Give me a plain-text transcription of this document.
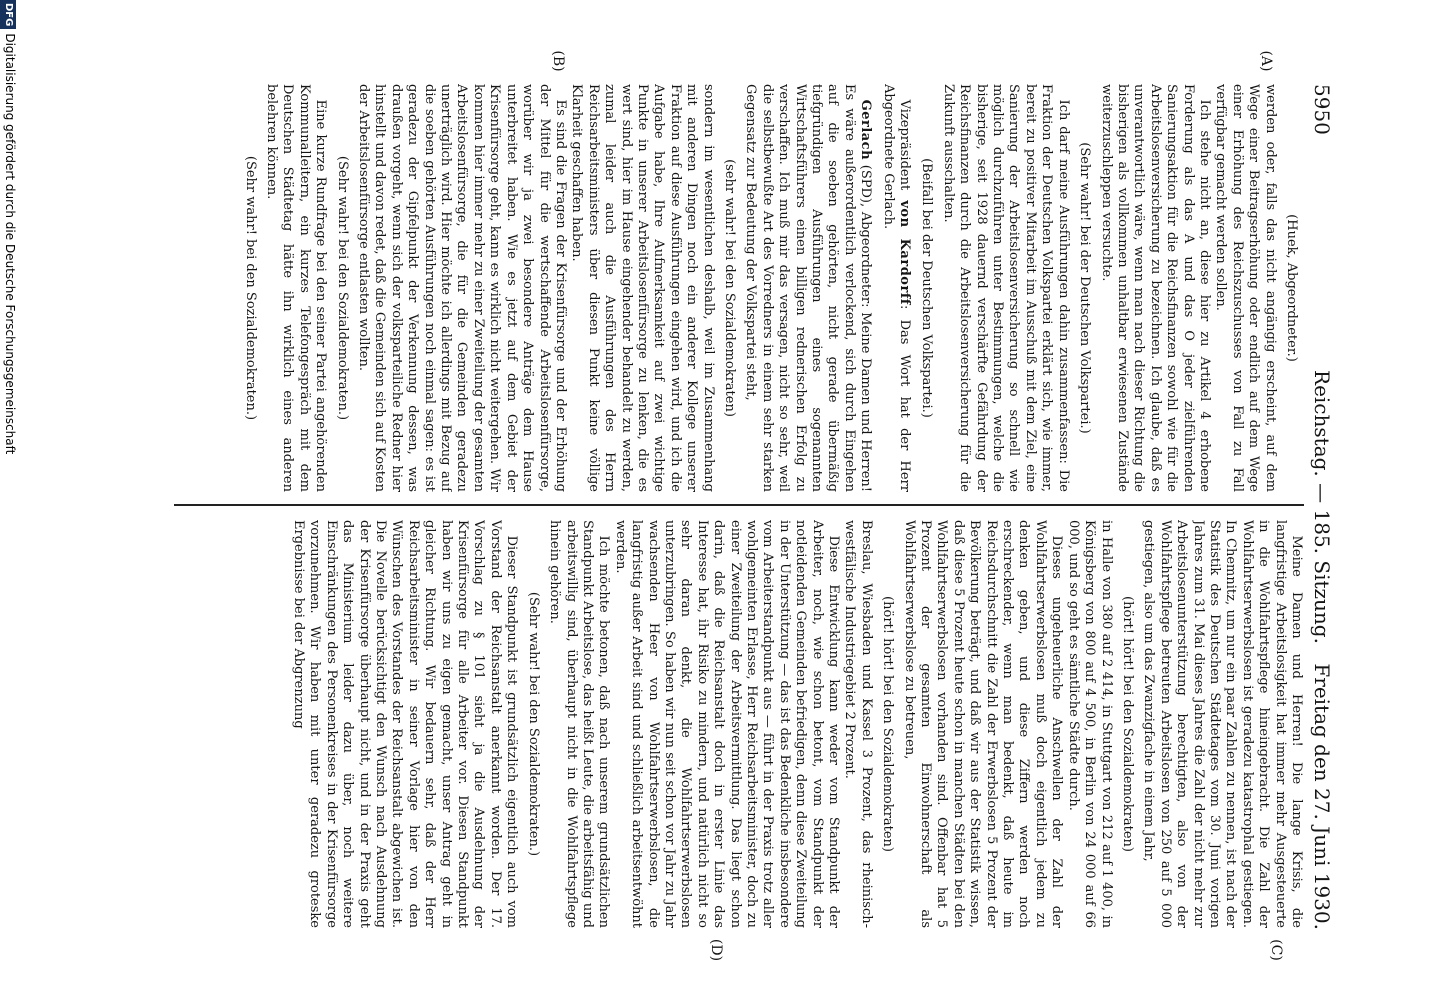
5950
Reichstag. — 185. Sitzung.
Freitag den 27. Juni 1930.
(A)
(B)
(C)
(D)

(Huek, Abgeordneter.)

werden oder, falls das nicht angängig erscheint, auf dem Wege einer Beitragserhöhung oder endlich auf dem Wege einer Erhöhung des Reichszuschusses von Fall zu Fall verfügbar gemacht werden sollen.

Ich stehe nicht an, diese hier zu Artikel 4 erhobene Forderung als das A und das O jeder zielführenden Sanierungsaktion für die Reichsfinanzen sowohl wie für die Arbeitslosenversicherung zu bezeichnen. Ich glaube, daß es unverantwortlich wäre, wenn man nach dieser Richtung die bisherigen als vollkommen unhaltbar erwiesenen Zustände weiterzuschleppen versuchte.

(Sehr wahr! bei der Deutschen Volkspartei.)

Ich darf meine Ausführungen dahin zusammenfassen: Die Fraktion der Deutschen Volkspartei erklärt sich, wie immer, bereit zu positiver Mitarbeit im Ausschuß mit dem Ziel, eine Sanierung der Arbeitslosenversicherung so schnell wie möglich durchzuführen unter Bestimmungen, welche die bisherige, seit 1928 dauernd verschärfte Gefährdung der Reichsfinanzen durch die Arbeitslosenversicherung für die Zukunft ausschalten.

(Beifall bei der Deutschen Volkspartei.)

Vizepräsident von Kardorff: Das Wort hat der Herr Abgeordnete Gerlach.

Gerlach (SPD), Abgeordneter: Meine Damen und Herren! Es wäre außerordentlich verlockend, sich durch Eingehen auf die soeben gehörten, nicht gerade übermäßig tiefgründigen Ausführungen eines sogenannten Wirtschaftsführers einen billigen rednerischen Erfolg zu verschaffen. Ich muß mir das versagen, nicht so sehr, weil die selbstbewußte Art des Vorredners in einem sehr starken Gegensatz zur Bedeutung der Volkspartei steht,

(sehr wahr! bei den Sozialdemokraten)

sondern im wesentlichen deshalb, weil im Zusammenhang mit anderen Dingen noch ein anderer Kollege unserer Fraktion auf diese Ausführungen eingehen wird, und ich die Aufgabe habe, Ihre Aufmerksamkeit auf zwei wichtige Punkte in unserer Arbeitslosenfürsorge zu lenken, die es wert sind, hier im Hause eingehender behandelt zu werden, zumal leider auch die Ausführungen des Herrn Reichsarbeitsministers über diesen Punkt keine völlige Klarheit geschaffen haben.

Es sind die Fragen der Krisenfürsorge und der Erhöhung der Mittel für die wertschaffende Arbeitslosenfürsorge, worüber wir ja zwei besondere Anträge dem Hause unterbreitet haben. Wie es jetzt auf dem Gebiet der Krisenfürsorge geht, kann es wirklich nicht weitergehen. Wir kommen hier immer mehr zu einer Zweiteilung der gesamten Arbeitslosenfürsorge, die für die Gemeinden geradezu unerträglich wird. Hier möchte ich allerdings mit Bezug auf die soeben gehörten Ausführungen noch einmal sagen: es ist geradezu der Gipfelpunkt der Verkennung dessen, was draußen vorgeht, wenn sich der volksparteiliche Redner hier hinstellt und davon redet, daß die Gemeinden sich auf Kosten der Arbeitslosenfürsorge entlasten wollten.

(Sehr wahr! bei den Sozialdemokraten.)

Eine kurze Rundfrage bei den seiner Partei angehörenden Kommunalleitern, ein kurzes Telefongespräch mit dem Deutschen Städtetag hätte ihn wirklich eines anderen belehren können.

(Sehr wahr! bei den Sozialdemokraten.)

Meine Damen und Herren! Die lange Krisis, die langfristige Arbeitslosigkeit hat immer mehr Ausgesteuerte in die Wohlfahrtspflege hineingebracht. Die Zahl der Wohlfahrtserwerbslosen ist geradezu katastrophal gestiegen. In Chemnitz, um nur ein paar Zahlen zu nennen, ist nach der Statistik des Deutschen Städtetages vom 30. Juni vorigen Jahres zum 31. Mai dieses Jahres die Zahl der nicht mehr zur Arbeitslosenunterstützung berechtigten, also von der Wohlfahrtspflege betreuten Arbeitslosen von 250 auf 5 000 gestiegen, also um das Zwanzigfache in einem Jahr,

(hört! hört! bei den Sozialdemokraten)

in Halle von 380 auf 2 414, in Stuttgart von 212 auf 1 400, in Königsberg von 800 auf 4 500, in Berlin von 24 000 auf 66 000, und so geht es sämtliche Städte durch.

Dieses ungeheuerliche Anschwellen der Zahl der Wohlfahrtserwerbslosen muß doch eigentlich jedem zu denken geben, und diese Ziffern werden noch erschreckender, wenn man bedenkt, daß heute im Reichsdurchschnitt die Zahl der Erwerbslosen 5 Prozent der Bevölkerung beträgt, und daß wir aus der Statistik wissen, daß diese 5 Prozent heute schon in manchen Städten bei den Wohlfahrtserwerbslosen vorhanden sind. Offenbar hat 5 Prozent der gesamten Einwohnerschaft als Wohlfahrtserwerbslose zu betreuen,

(hört! hört! bei den Sozialdemokraten)

Breslau, Wiesbaden und Kassel 3 Prozent, das rheinisch-westfälische Industriegebiet 2 Prozent.

Diese Entwicklung kann weder vom Standpunkt der Arbeiter, noch, wie schon betont, vom Standpunkt der notleidenden Gemeinden befriedigen, denn diese Zweiteilung in der Unterstützung — das ist das Bedenkliche insbesondere vom Arbeiterstandpunkt aus — führt in der Praxis trotz aller wohlgemeinten Erlasse, Herr Reichsarbeitsminister, doch zu einer Zweiteilung der Arbeitsvermittlung. Das liegt schon darin, daß die Reichsanstalt doch in erster Linie das Interesse hat, ihr Risiko zu mindern, und natürlich nicht so sehr daran denkt, die Wohlfahrtserwerbslosen unterzubringen. So haben wir nun seit schon vor Jahr zu Jahr wachsenden Heer von Wohlfahrtserwerbslosen, die langfristig außer Arbeit sind und schließlich arbeitsentwöhnt werden.

Ich möchte betonen, daß nach unserem grundsätzlichen Standpunkt Arbeitslose, das heißt Leute, die arbeitsfähig und arbeitswillig sind, überhaupt nicht in die Wohlfahrtspflege hinein gehören.

(Sehr wahr! bei den Sozialdemokraten.)

Dieser Standpunkt ist grundsätzlich eigentlich auch vom Vorstand der Reichsanstalt anerkannt worden. Der 17. Vorschlag zu § 101 sieht ja die Ausdehnung der Krisenfürsorge für alle Arbeiter vor. Diesen Standpunkt haben wir uns zu eigen gemacht, unser Antrag geht in gleicher Richtung. Wir bedauern sehr, daß der Herr Reichsarbeitsminister in seiner Vorlage hier von den Wünschen des Vorstandes der Reichsanstalt abgewichen ist. Die Novelle berücksichtigt den Wunsch nach Ausdehnung der Krisenfürsorge überhaupt nicht, und in der Praxis geht das Ministerium leider dazu über, noch weitere Einschränkungen des Personenkreises in der Krisenfürsorge vorzunehmen. Wir haben mit unter geradezu groteske Ergebnisse bei der Abgrenzung

DFGDigitalisierung gefördert durch die Deutsche Forschungsgemeinschaft
